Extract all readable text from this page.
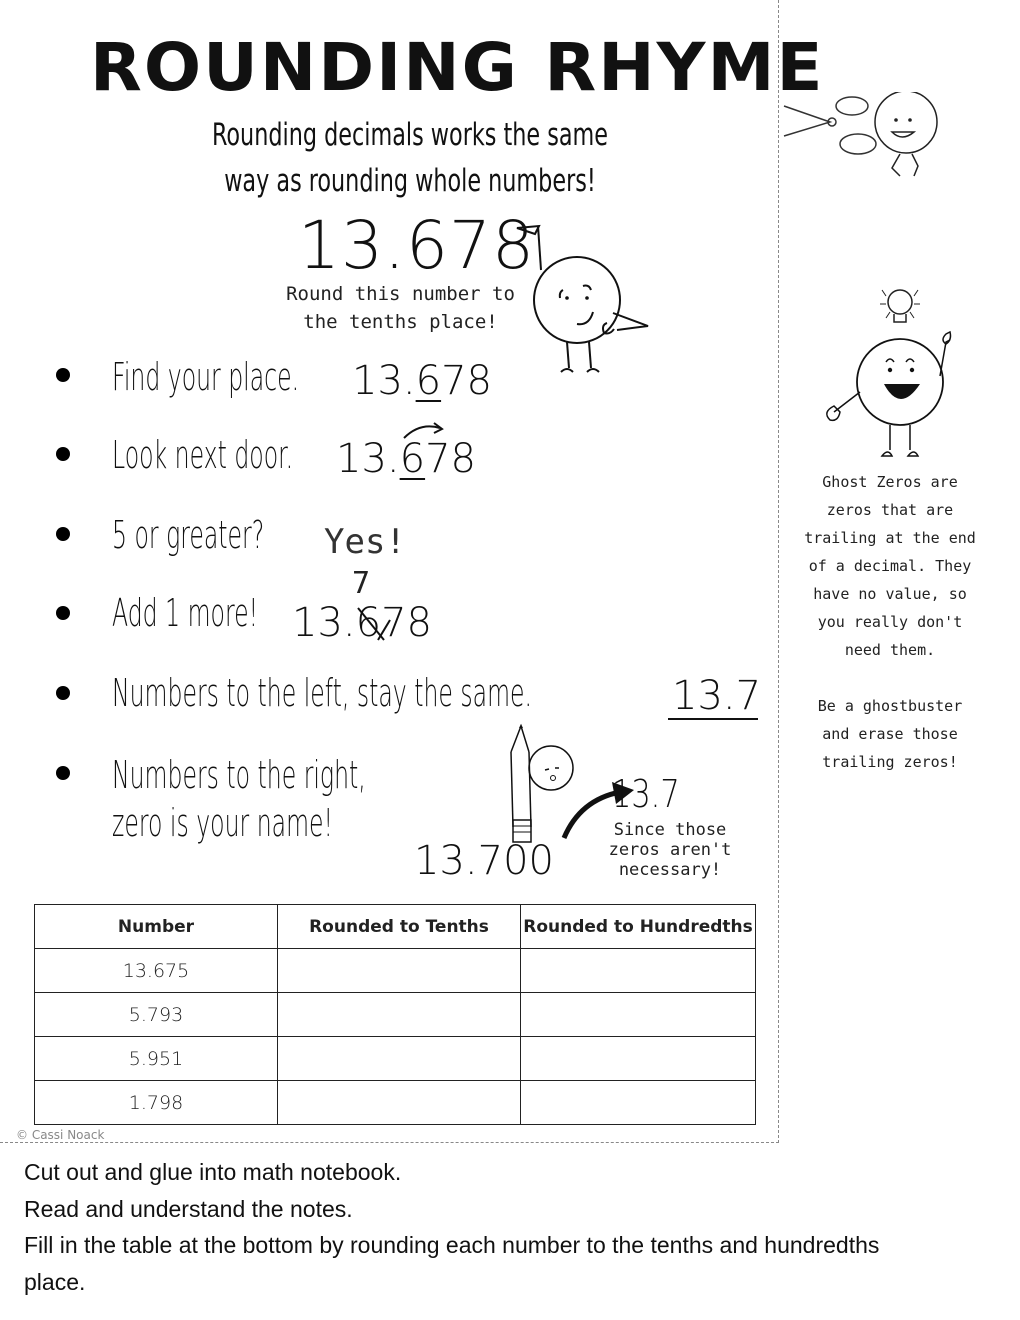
ROUNDING RHYME
Rounding decimals works the same way as rounding whole numbers!
13.678
Round this number to the tenths place!
Find your place. 13.678
Look next door. 13.678
5 or greater? Yes!
Add 1 more! 13.678
7
Numbers to the left, stay the same.	13.7
Numbers to the right,
zero is your name!
13.700
13.7
Since those zeros aren't necessary!
Ghost Zeros are zeros that are trailing at the end of a decimal. They have no value, so you really don't need them.
Be a ghostbuster and erase those trailing zeros!
Number	Rounded to Tenths	Rounded to Hundredths
13.675		
5.793		
5.951		
1.798		
© Cassi Noack
Cut out and glue into math notebook.
Read and understand the notes.
Fill in the table at the bottom by rounding each number to the tenths and hundredths place.
